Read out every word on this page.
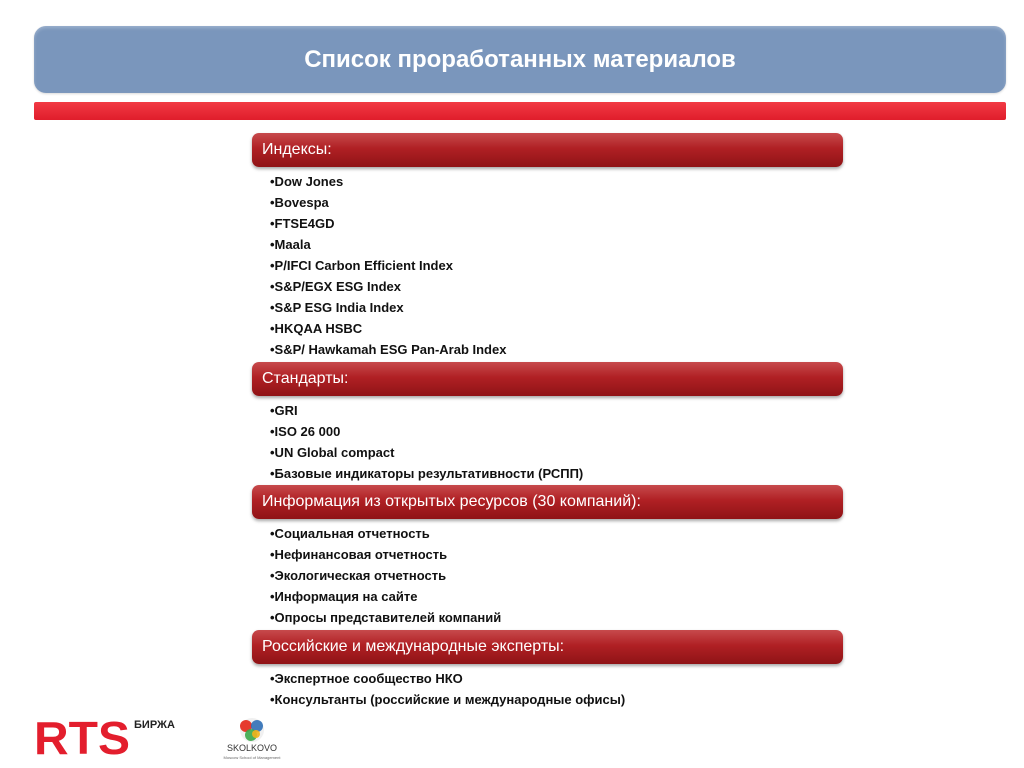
Список проработанных материалов
Индексы:
•Dow Jones
•Bovespa
•FTSE4GD
•Maala
•P/IFCI Carbon Efficient Index
•S&P/EGX ESG Index
•S&P ESG India Index
•HKQAA HSBC
•S&P/ Hawkamah ESG Pan-Arab Index
Стандарты:
•GRI
•ISO 26 000
•UN Global compact
•Базовые индикаторы результативности (РСПП)
Информация из открытых ресурсов (30 компаний):
•Социальная отчетность
•Нефинансовая отчетность
•Экологическая отчетность
•Информация на сайте
•Опросы представителей компаний
Российские и международные эксперты:
•Экспертное сообщество НКО
•Консультанты (российские и международные офисы)
RTS БИРЖА
SKOLKOVO
Moscow School of Management
